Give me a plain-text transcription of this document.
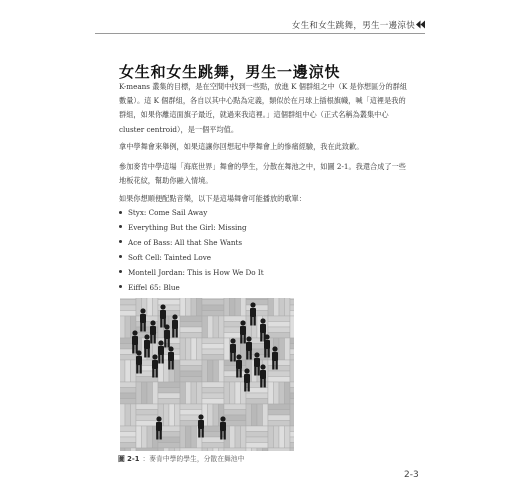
女生和女生跳舞，男生一邊涼快
女生和女生跳舞，男生一邊涼快

K-means 叢集的目標，是在空間中找到一些點，放進 K 個群組之中（K 是你想區分的群組數量）。這 K 個群組，各自以其中心點為定義，類似於在月球上插根旗幟，喊「這裡是我的群組，如果你離這面旗子最近，就過來我這裡。」這個群組中心（正式名稱為叢集中心 cluster centroid），是一個平均值。

拿中學舞會來舉例，如果這讓你回想起中學舞會上的慘痛經驗，我在此致歉。

參加麥肯中學這場「海底世界」舞會的學生，分散在舞池之中，如圖 2-1。我還合成了一些地板花紋，幫助你融入情境。

如果你想順便配點音樂，以下是這場舞會可能播放的歌單：

Styx: Come Sail Away
Everything But the Girl: Missing
Ace of Bass: All that She Wants
Soft Cell: Tainted Love
Montell Jordan: This is How We Do It
Eiffel 65: Blue
圖 2-1 ：麥肯中學的學生，分散在舞池中
2-3
